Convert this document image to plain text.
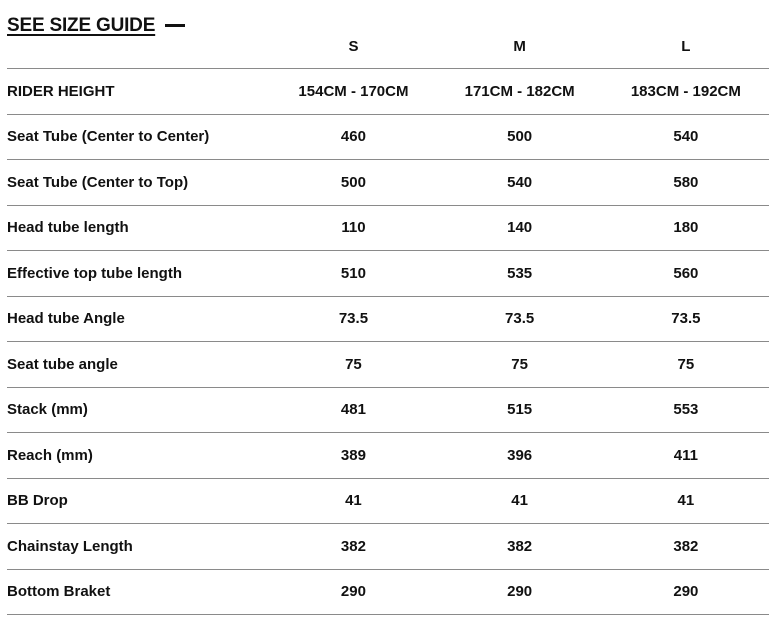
	S	M	L
RIDER HEIGHT	154CM - 170CM	171CM - 182CM	183CM - 192CM
Seat Tube (Center to Center)	460	500	540
Seat Tube (Center to Top)	500	540	580
Head tube length	110	140	180
Effective top tube length	510	535	560
Head tube Angle	73.5	73.5	73.5
Seat tube angle	75	75	75
Stack (mm)	481	515	553
Reach (mm)	389	396	411
BB Drop	41	41	41
Chainstay Length	382	382	382
Bottom Braket	290	290	290
SEE SIZE GUIDE
